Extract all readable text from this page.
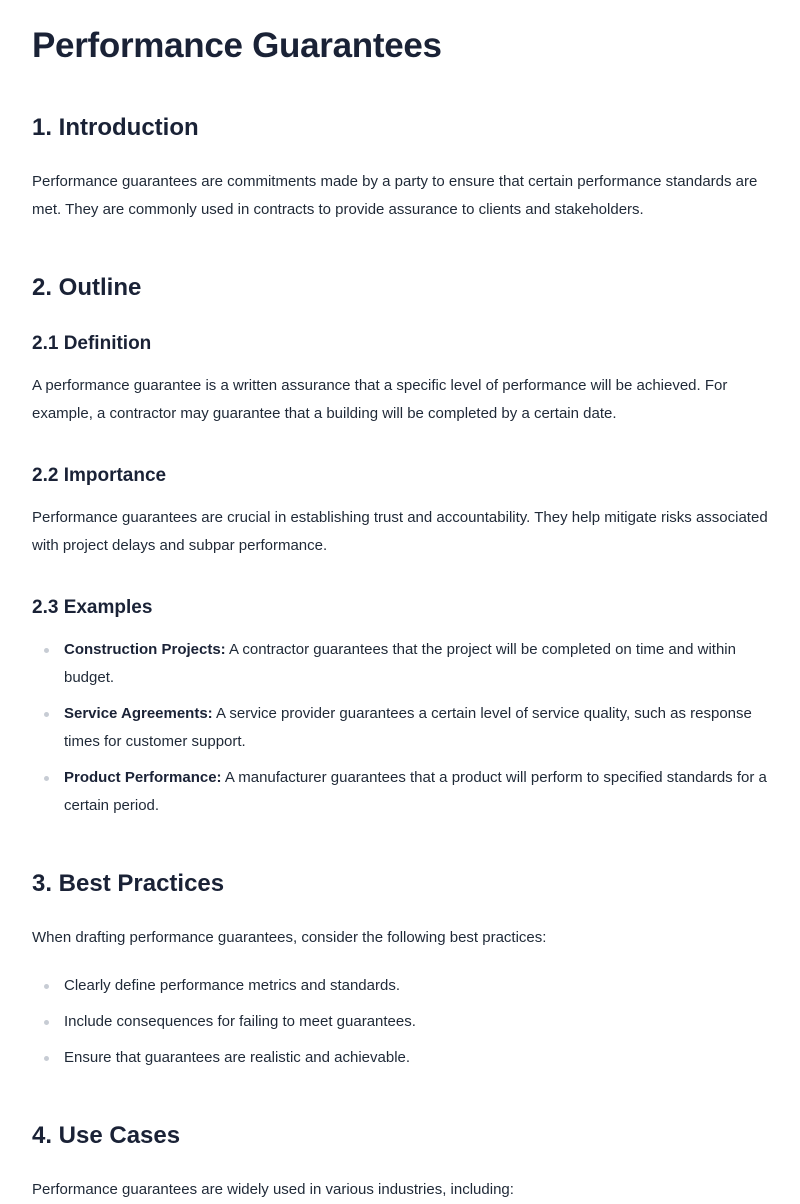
Performance Guarantees
1. Introduction

Performance guarantees are commitments made by a party to ensure that certain performance standards are met. They are commonly used in contracts to provide assurance to clients and stakeholders.

2. Outline
2.1 Definition

A performance guarantee is a written assurance that a specific level of performance will be achieved. For example, a contractor may guarantee that a building will be completed by a certain date.

2.2 Importance

Performance guarantees are crucial in establishing trust and accountability. They help mitigate risks associated with project delays and subpar performance.

2.3 Examples
Construction Projects: A contractor guarantees that the project will be completed on time and within budget.
Service Agreements: A service provider guarantees a certain level of service quality, such as response times for customer support.
Product Performance: A manufacturer guarantees that a product will perform to specified standards for a certain period.
3. Best Practices

When drafting performance guarantees, consider the following best practices:

Clearly define performance metrics and standards.
Include consequences for failing to meet guarantees.
Ensure that guarantees are realistic and achievable.
4. Use Cases

Performance guarantees are widely used in various industries, including:
